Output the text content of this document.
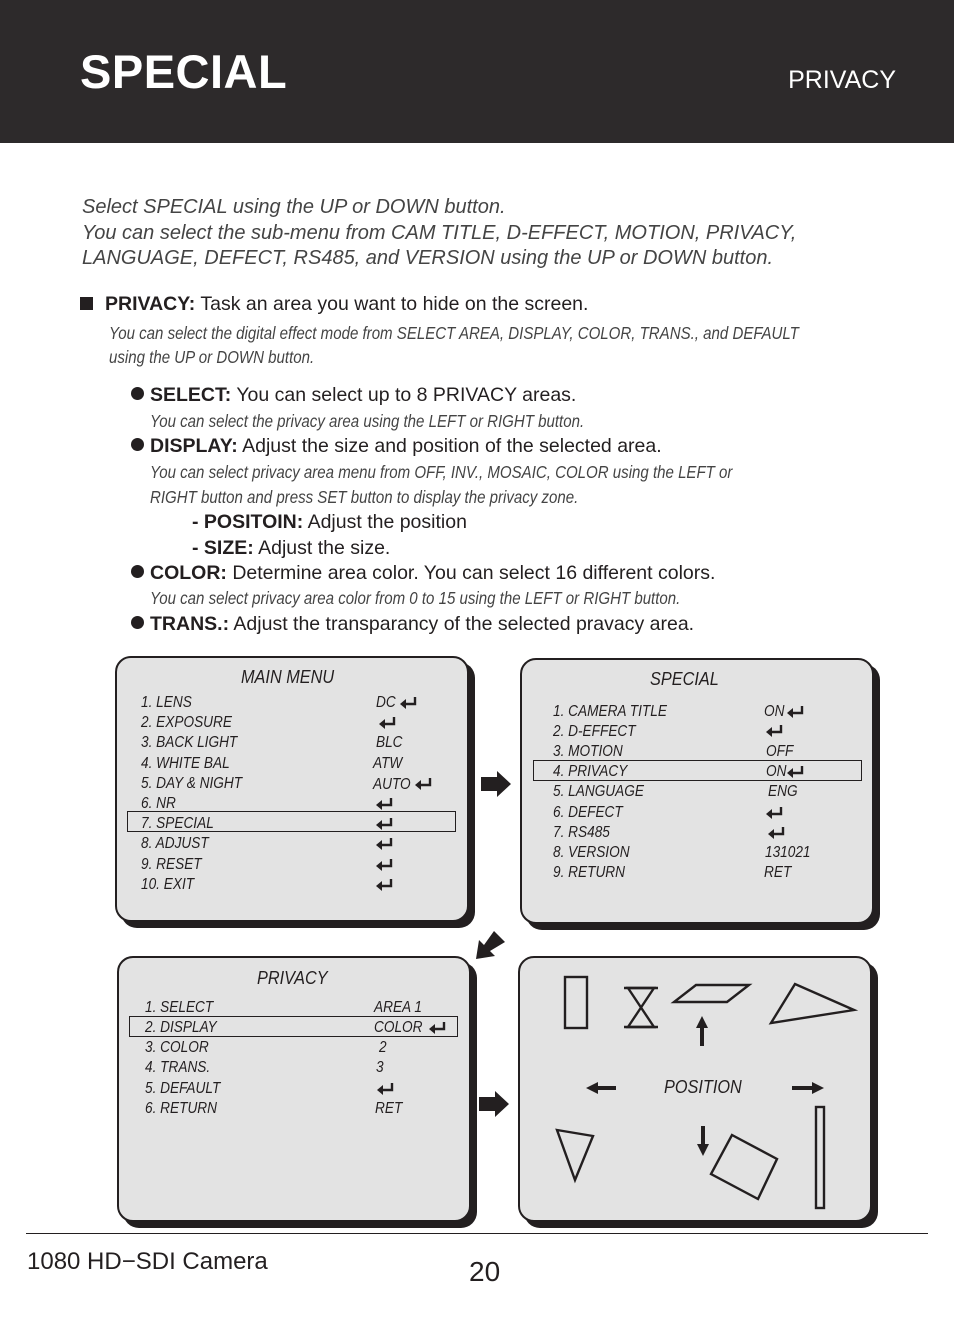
SPECIAL	PRIVACY
Select SPECIAL using the UP or DOWN button.
You can select the sub-menu from CAM TITLE, D-EFFECT, MOTION, PRIVACY,
LANGUAGE, DEFECT, RS485, and VERSION using the UP or DOWN button.
PRIVACY: Task an area you want to hide on the screen.
You can select the digital effect mode from SELECT AREA, DISPLAY, COLOR, TRANS., and DEFAULT
using the UP or DOWN button.
SELECT: You can select up to 8 PRIVACY areas.
You can select the privacy area using the LEFT or RIGHT button.
DISPLAY: Adjust the size and position of the selected area.
You can select privacy area menu from OFF, INV., MOSAIC, COLOR using the LEFT or
RIGHT button and press SET button to display the privacy zone.
- POSITOIN: Adjust the position
- SIZE: Adjust the size.
COLOR: Determine area color. You can select 16 different colors.
You can select privacy area color from 0 to 15 using the LEFT or RIGHT button.
TRANS.: Adjust the transparancy of the selected pravacy area.
MAIN MENU
1. LENS
2. EXPOSURE
3. BACK LIGHT
4. WHITE BAL
5. DAY & NIGHT
6. NR
7. SPECIAL
8. ADJUST
9. RESET
10. EXIT
DC
BLC
ATW
AUTO
SPECIAL
1. CAMERA TITLE
2. D-EFFECT
3. MOTION
4. PRIVACY
5. LANGUAGE
6. DEFECT
7. RS485
8. VERSION
9. RETURN
ON
OFF
ON
ENG
131021
RET
PRIVACY
1. SELECT
2. DISPLAY
3. COLOR
4. TRANS.
5. DEFAULT
6. RETURN
AREA 1
COLOR
2
3
RET
POSITION
1080 HD−SDI Camera	20
